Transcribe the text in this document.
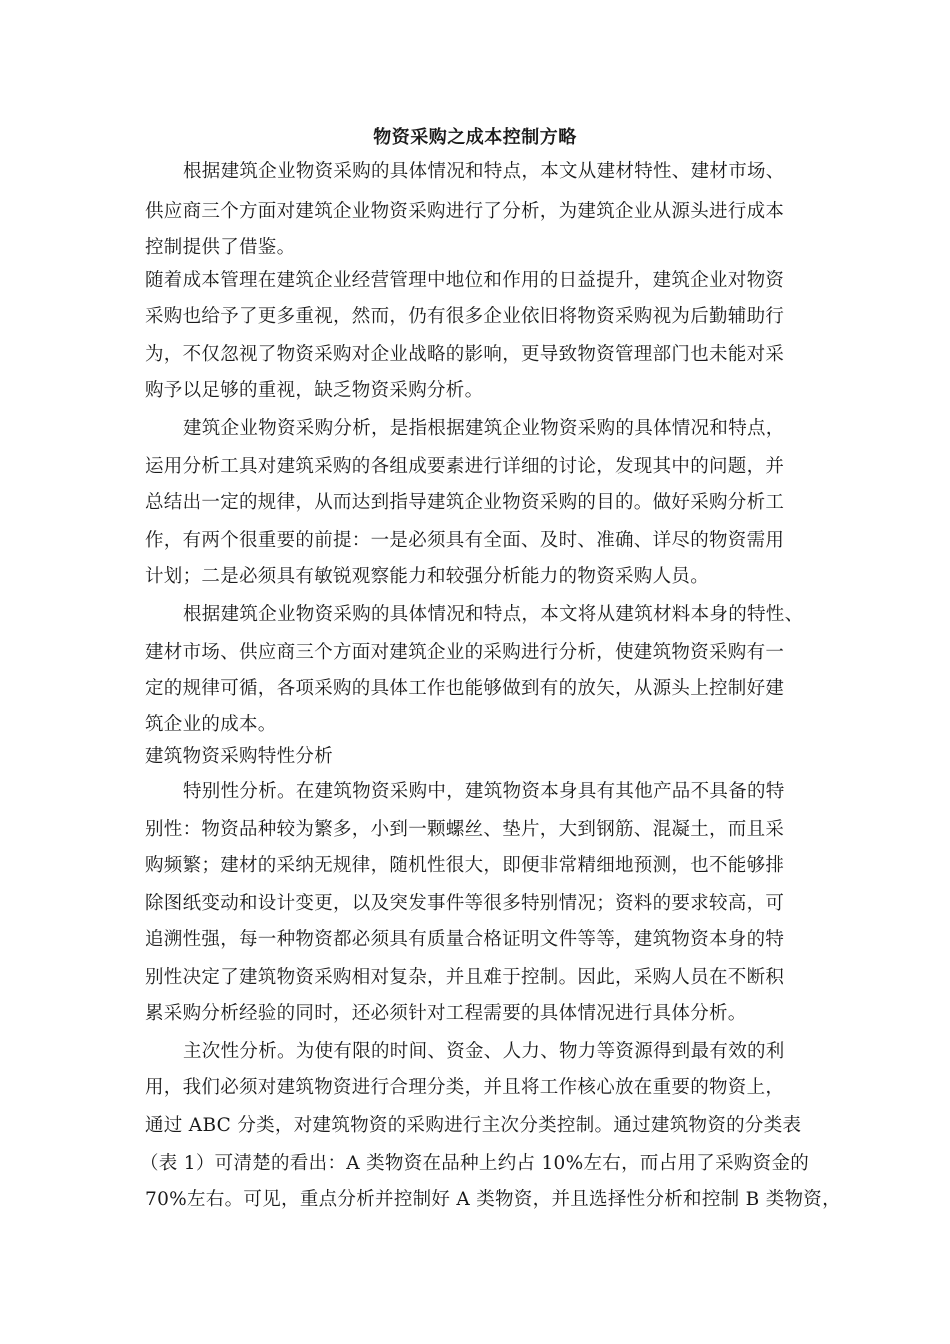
物资采购之成本控制方略
根据建筑企业物资采购的具体情况和特点，本文从建材特性、建材市场、
供应商三个方面对建筑企业物资采购进行了分析，为建筑企业从源头进行成本
控制提供了借鉴。
随着成本管理在建筑企业经营管理中地位和作用的日益提升，建筑企业对物资
采购也给予了更多重视，然而，仍有很多企业依旧将物资采购视为后勤辅助行
为，不仅忽视了物资采购对企业战略的影响，更导致物资管理部门也未能对采
购予以足够的重视，缺乏物资采购分析。
建筑企业物资采购分析，是指根据建筑企业物资采购的具体情况和特点，
运用分析工具对建筑采购的各组成要素进行详细的讨论，发现其中的问题，并
总结出一定的规律，从而达到指导建筑企业物资采购的目的。做好采购分析工
作，有两个很重要的前提：一是必须具有全面、及时、准确、详尽的物资需用
计划；二是必须具有敏锐观察能力和较强分析能力的物资采购人员。
根据建筑企业物资采购的具体情况和特点，本文将从建筑材料本身的特性、
建材市场、供应商三个方面对建筑企业的采购进行分析，使建筑物资采购有一
定的规律可循，各项采购的具体工作也能够做到有的放矢，从源头上控制好建
筑企业的成本。
建筑物资采购特性分析
特别性分析。在建筑物资采购中，建筑物资本身具有其他产品不具备的特
别性：物资品种较为繁多，小到一颗螺丝、垫片，大到钢筋、混凝土，而且采
购频繁；建材的采纳无规律，随机性很大，即便非常精细地预测，也不能够排
除图纸变动和设计变更，以及突发事件等很多特别情况；资料的要求较高，可
追溯性强，每一种物资都必须具有质量合格证明文件等等，建筑物资本身的特
别性决定了建筑物资采购相对复杂，并且难于控制。因此，采购人员在不断积
累采购分析经验的同时，还必须针对工程需要的具体情况进行具体分析。
主次性分析。为使有限的时间、资金、人力、物力等资源得到最有效的利
用，我们必须对建筑物资进行合理分类，并且将工作核心放在重要的物资上，
通过 ABC 分类，对建筑物资的采购进行主次分类控制。通过建筑物资的分类表
（表 1）可清楚的看出：A 类物资在品种上约占 10%左右，而占用了采购资金的
70%左右。可见，重点分析并控制好 A 类物资，并且选择性分析和控制 B 类物资，
